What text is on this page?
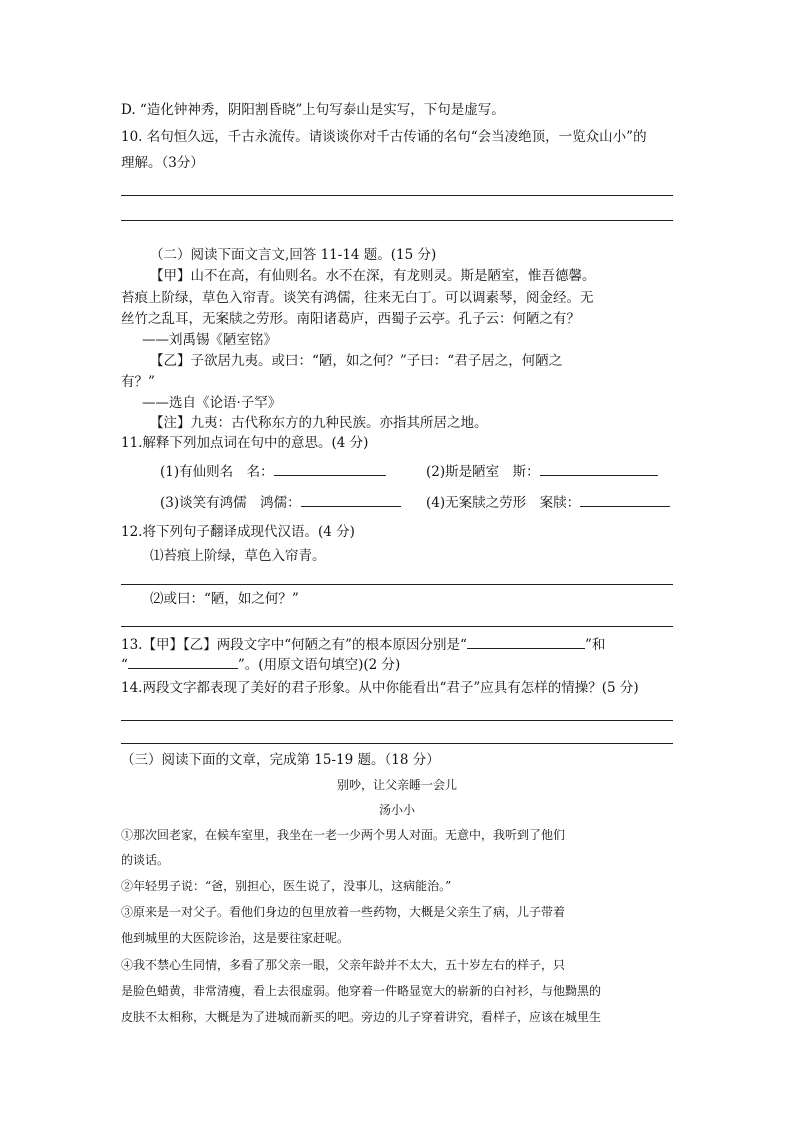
D. “造化钟神秀，阴阳割昏晓”上句写泰山是实写，下句是虚写。
10. 名句恒久远，千古永流传。请谈谈你对千古传诵的名句“会当凌绝顶，一览众山小”的
理解。（3分）
（二）阅读下面文言文,回答 11-14 题。(15 分)
【甲】山不在高，有仙则名。水不在深，有龙则灵。斯是陋室，惟吾德馨。
苔痕上阶绿，草色入帘青。谈笑有鸿儒，往来无白丁。可以调素琴，阅金经。无
丝竹之乱耳，无案牍之劳形。南阳诸葛庐，西蜀子云亭。孔子云：何陋之有？
——刘禹锡《陋室铭》
【乙】子欲居九夷。或曰：“陋，如之何？”子曰：“君子居之，何陋之
有？”
——选自《论语·子罕》
【注】九夷：古代称东方的九种民族。亦指其所居之地。
11.解释下列加点词在句中的意思。(4 分)
(1)有仙则名　名：	(2)斯是陋室　斯：
(3)谈笑有鸿儒　鸿儒：	(4)无案牍之劳形　案牍：
12.将下列句子翻译成现代汉语。(4 分)
⑴苔痕上阶绿，草色入帘青。
⑵或曰：“陋，如之何？”
13.【甲】【乙】两段文字中“何陋之有”的根本原因分别是“	”和
“	”。(用原文语句填空)(2 分)
14.两段文字都表现了美好的君子形象。从中你能看出“君子”应具有怎样的情操？(5 分)
（三）阅读下面的文章，完成第 15-19 题。（18 分）
别吵，让父亲睡一会儿
汤小小
①那次回老家，在候车室里，我坐在一老一少两个男人对面。无意中，我听到了他们
的谈话。
②年轻男子说：“爸，别担心，医生说了，没事儿，这病能治。”
③原来是一对父子。看他们身边的包里放着一些药物，大概是父亲生了病，儿子带着
他到城里的大医院诊治，这是要往家赶呢。
④我不禁心生同情，多看了那父亲一眼，父亲年龄并不太大，五十岁左右的样子，只
是脸色蜡黄，非常清瘦，看上去很虚弱。他穿着一件略显宽大的崭新的白衬衫，与他黝黑的
皮肤不太相称，大概是为了进城而新买的吧。旁边的儿子穿着讲究，看样子，应该在城里生
